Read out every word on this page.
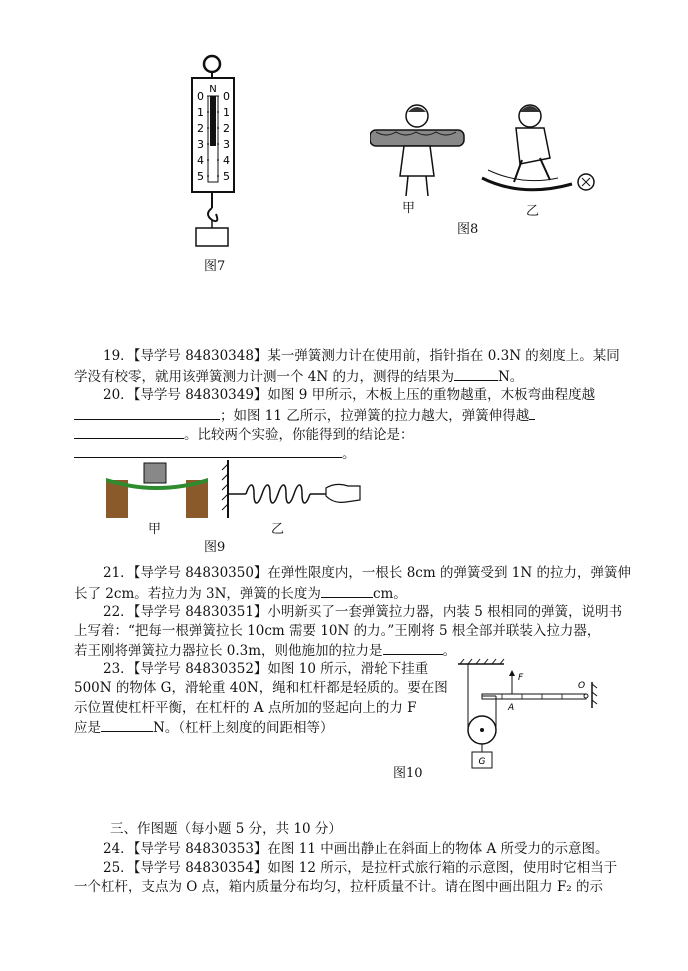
N
0
1
2
3
4
5
0
1
2
3
4
5
图7
甲	乙
图8
19．【导学号 84830348】某一弹簧测力计在使用前，指针指在 0.3N 的刻度上。某同
学没有校零，就用该弹簧测力计测一个 4N 的力，测得的结果为	N。
20．【导学号 84830349】如图 9 甲所示，木板上压的重物越重，木板弯曲程度越
；如图 11 乙所示，拉弹簧的拉力越大，弹簧伸得越
。比较两个实验，你能得到的结论是：
。
甲	乙
图9
21．【导学号 84830350】在弹性限度内，一根长 8cm 的弹簧受到 1N 的拉力，弹簧伸
长了 2cm。若拉力为 3N，弹簧的长度为	cm。
22．【导学号 84830351】小明新买了一套弹簧拉力器，内装 5 根相同的弹簧，说明书
上写着：“把每一根弹簧拉长 10cm 需要 10N 的力。”王刚将 5 根全部并联装入拉力器，
若王刚将弹簧拉力器拉长 0.3m，则他施加的拉力是	。
23．【导学号 84830352】如图 10 所示，滑轮下挂重
500N 的物体 G，滑轮重 40N，绳和杠杆都是轻质的。要在图
示位置使杠杆平衡，在杠杆的 A 点所加的竖起向上的力 F
应是	N。（杠杆上刻度的间距相等）
F
O
A
G
图10
三、作图题（每小题 5 分，共 10 分）
24．【导学号 84830353】在图 11 中画出静止在斜面上的物体 A 所受力的示意图。
25．【导学号 84830354】如图 12 所示，是拉杆式旅行箱的示意图，使用时它相当于
一个杠杆，支点为 O 点，箱内质量分布均匀，拉杆质量不计。请在图中画出阻力 F₂ 的示
